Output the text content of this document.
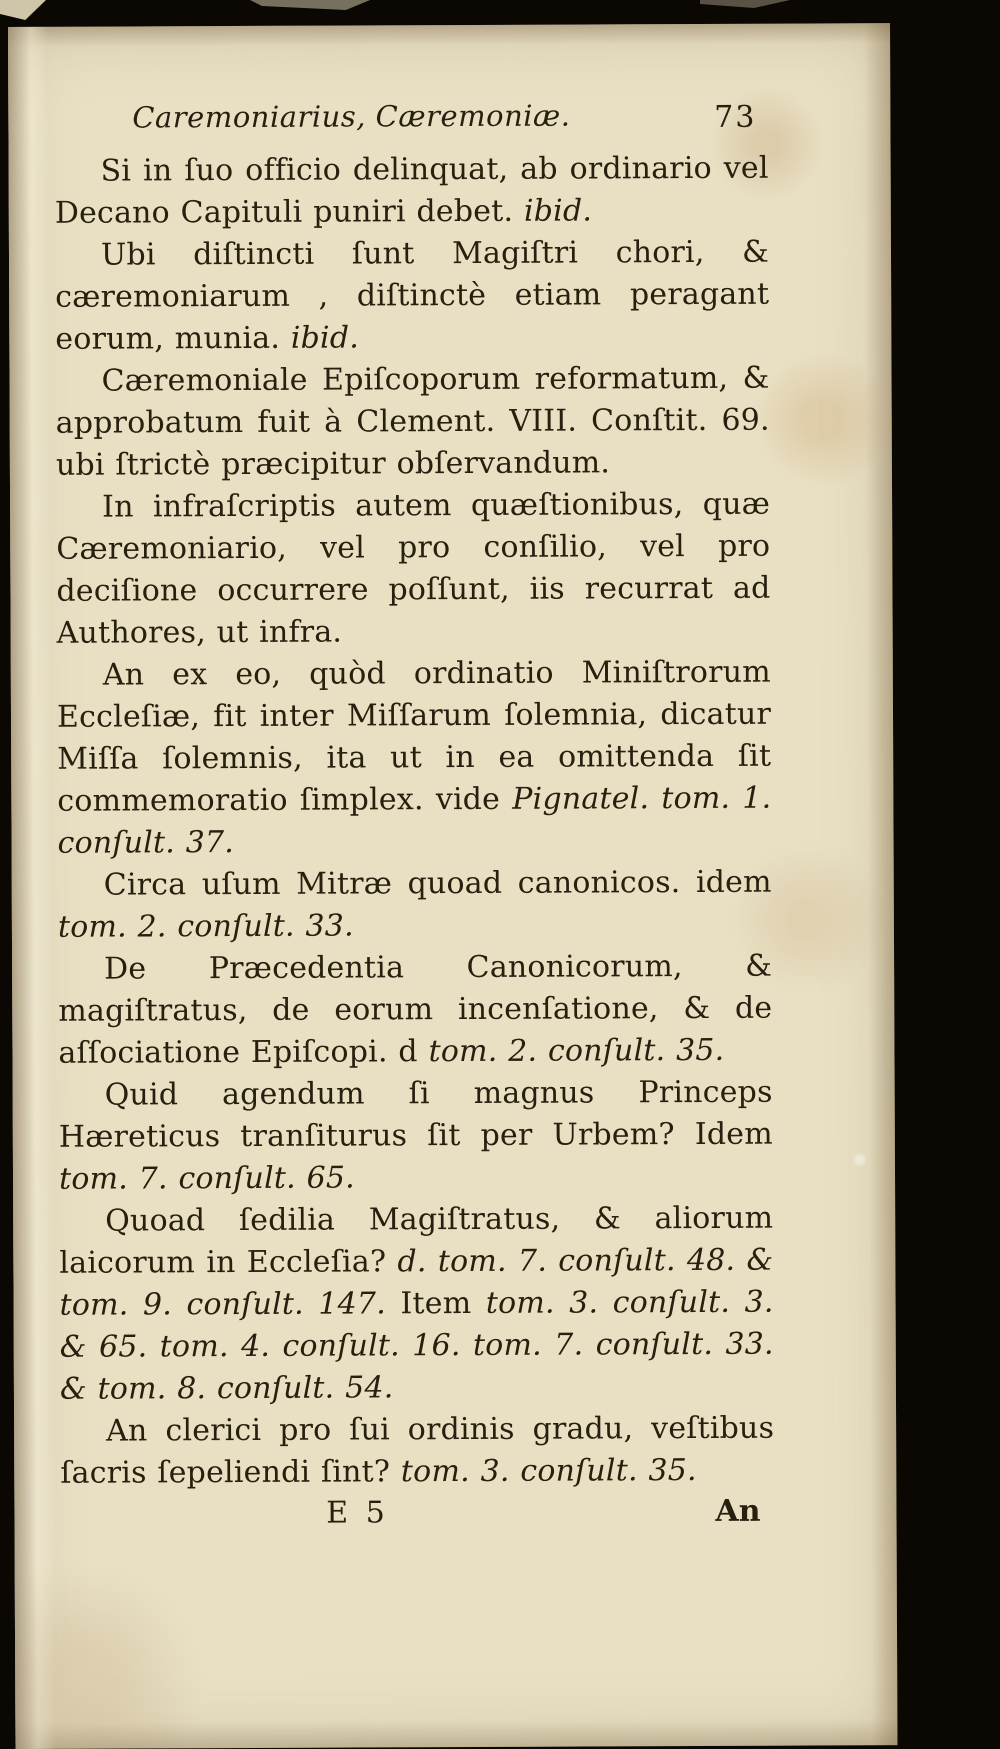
Caremoniarius, Cæremoniæ.	73

Si in ſuo officio delinquat, ab ordinario vel Decano Capituli puniri debet. ibid.

Ubi diſtincti ſunt Magiſtri chori, & cæremoniarum , diſtinctè etiam peragant eorum, munia. ibid.

Cæremoniale Epiſcoporum reformatum, & approbatum fuit à Clement. VIII. Conſtit. 69. ubi ſtrictè præcipitur obſervandum.

In infraſcriptis autem quæſtionibus, quæ Cæremoniario, vel pro conſilio, vel pro deciſione occurrere poſſunt, iis recurrat ad Authores, ut infra.

An ex eo, quòd ordinatio Miniſtrorum Eccleſiæ, fit inter Miſſarum ſolemnia, dicatur Miſſa ſolemnis, ita ut in ea omittenda ſit commemoratio ſimplex. vide Pignatel. tom. 1. conſult. 37.

Circa uſum Mitræ quoad canonicos. idem tom. 2. conſult. 33.

De Præcedentia Canonicorum, & magiſtratus, de eorum incenſatione, & de aſſociatione Epiſcopi. d tom. 2. conſult. 35.

Quid agendum ſi magnus Princeps Hæreticus tranſiturus ſit per Urbem? Idem tom. 7. conſult. 65.

Quoad ſedilia Magiſtratus, & aliorum laicorum in Eccleſia? d. tom. 7. conſult. 48. & tom. 9. conſult. 147. Item tom. 3. conſult. 3. & 65. tom. 4. conſult. 16. tom. 7. conſult. 33. & tom. 8. conſult. 54.

An clerici pro ſui ordinis gradu, veſtibus ſacris ſepeliendi ſint? tom. 3. conſult. 35.

E 5	An
